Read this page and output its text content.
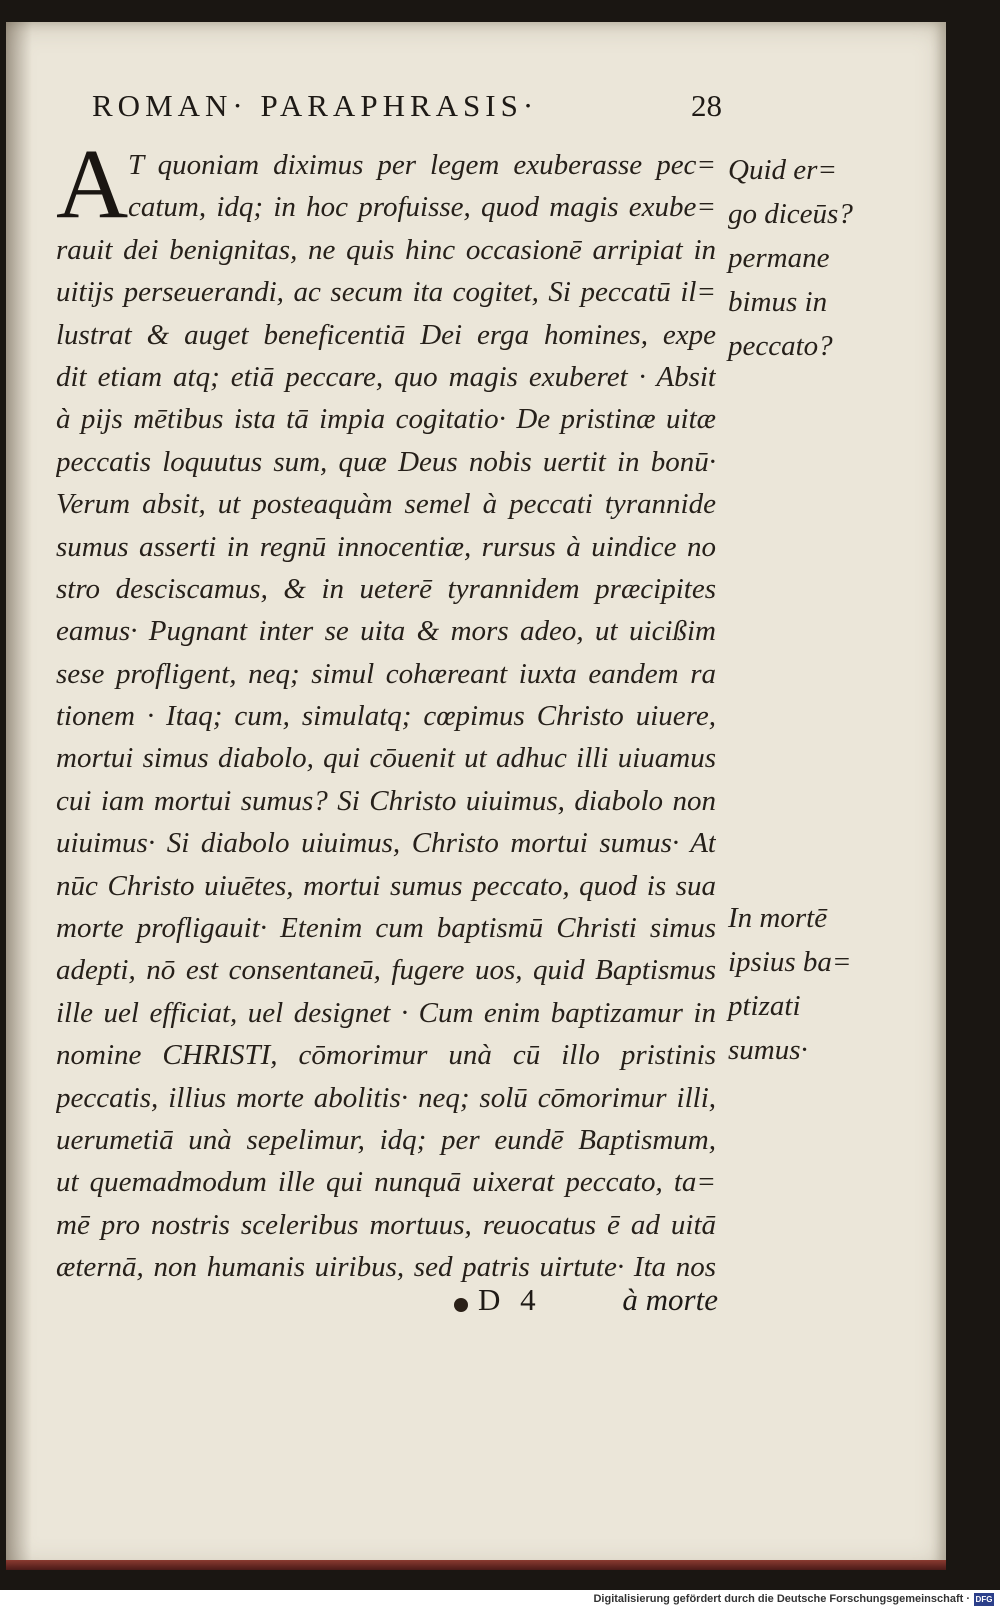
ROMAN· PARAPHRASIS·	28
A T quoniam diximus per legem exuberasse pec=
catum, idq; in hoc profuisse, quod magis exube=
rauit dei benignitas, ne quis hinc occasionē arripiat in
uitijs perseuerandi, ac secum ita cogitet, Si peccatū il=
lustrat & auget beneficentiā Dei erga homines, expe
dit etiam atq; etiā peccare, quo magis exuberet · Absit
à pijs mētibus ista tā impia cogitatio· De pristinæ uitæ
peccatis loquutus sum, quæ Deus nobis uertit in bonū·
Verum absit, ut posteaquàm semel à peccati tyrannide
sumus asserti in regnū innocentiæ, rursus à uindice no
stro desciscamus, & in ueterē tyrannidem præcipites
eamus· Pugnant inter se uita & mors adeo, ut uicißim
sese profligent, neq; simul cohæreant iuxta eandem ra
tionem · Itaq; cum, simulatq; cœpimus Christo uiuere,
mortui simus diabolo, qui cōuenit ut adhuc illi uiuamus
cui iam mortui sumus? Si Christo uiuimus, diabolo non
uiuimus· Si diabolo uiuimus, Christo mortui sumus· At
nūc Christo uiuētes, mortui sumus peccato, quod is sua
morte profligauit· Etenim cum baptismū Christi simus
adepti, nō est consentaneū, fugere uos, quid Baptismus
ille uel efficiat, uel designet · Cum enim baptizamur in
nomine CHRISTI, cōmorimur unà cū illo pristinis
peccatis, illius morte abolitis· neq; solū cōmorimur illi,
uerumetiā unà sepelimur, idq; per eundē Baptismum,
ut quemadmodum ille qui nunquā uixerat peccato, ta=
mē pro nostris sceleribus mortuus, reuocatus ē ad uitā
æternā, non humanis uiribus, sed patris uirtute· Ita nos
Quid er=
go diceūs?
permane
bimus in
peccato?
In mortē
ipsius ba=
ptizati
sumus·
D 4	à morte
Digitalisierung gefördert durch die Deutsche Forschungsgemeinschaft · DFG
